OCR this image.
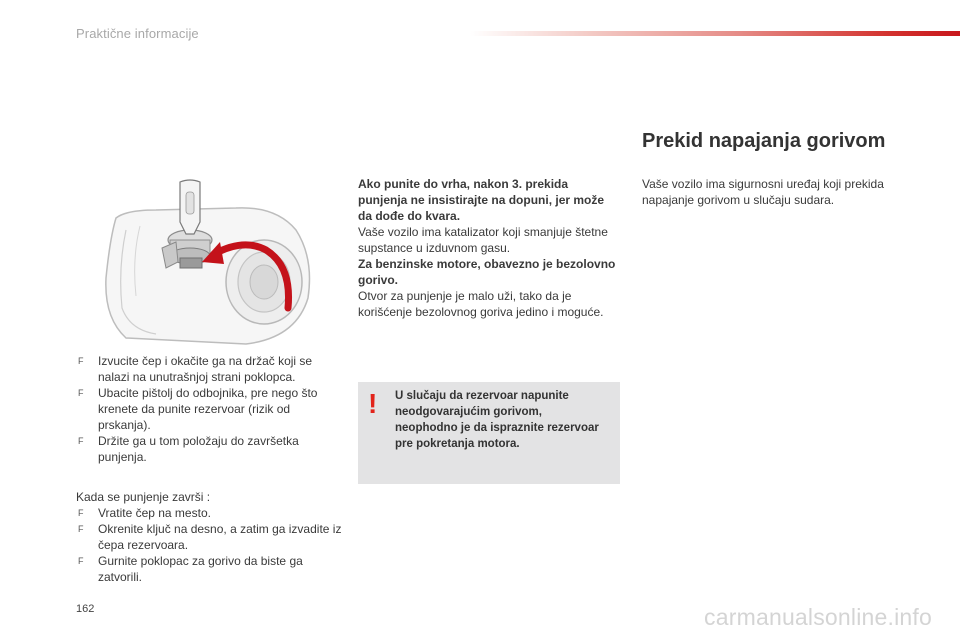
Praktične informacije
F Izvucite čep i okačite ga na držač koji se nalazi na unutrašnjoj strani poklopca.
F Ubacite pištolj do odbojnika, pre nego što krenete da punite rezervoar (rizik od prskanja).
F Držite ga u tom položaju do završetka punjenja.
Kada se punjenje završi :
F Vratite čep na mesto.
F Okrenite ključ na desno, a zatim ga izvadite iz čepa rezervoara.
F Gurnite poklopac za gorivo da biste ga zatvorili.

Ako punite do vrha, nakon 3. prekida punjenja ne insistirajte na dopuni, jer može da dođe do kvara.

Vaše vozilo ima katalizator koji smanjuje štetne supstance u izduvnom gasu.

Za benzinske motore, obavezno je bezolovno gorivo.

Otvor za punjenje je malo uži, tako da je korišćenje bezolovnog goriva jedino i moguće.

! U slučaju da rezervoar napunite neodgovarajućim gorivom, neophodno je da ispraznite rezervoar pre pokretanja motora.
Prekid napajanja gorivom
Vaše vozilo ima sigurnosni uređaj koji prekida napajanje gorivom u slučaju sudara.
162	carmanualsonline.info
